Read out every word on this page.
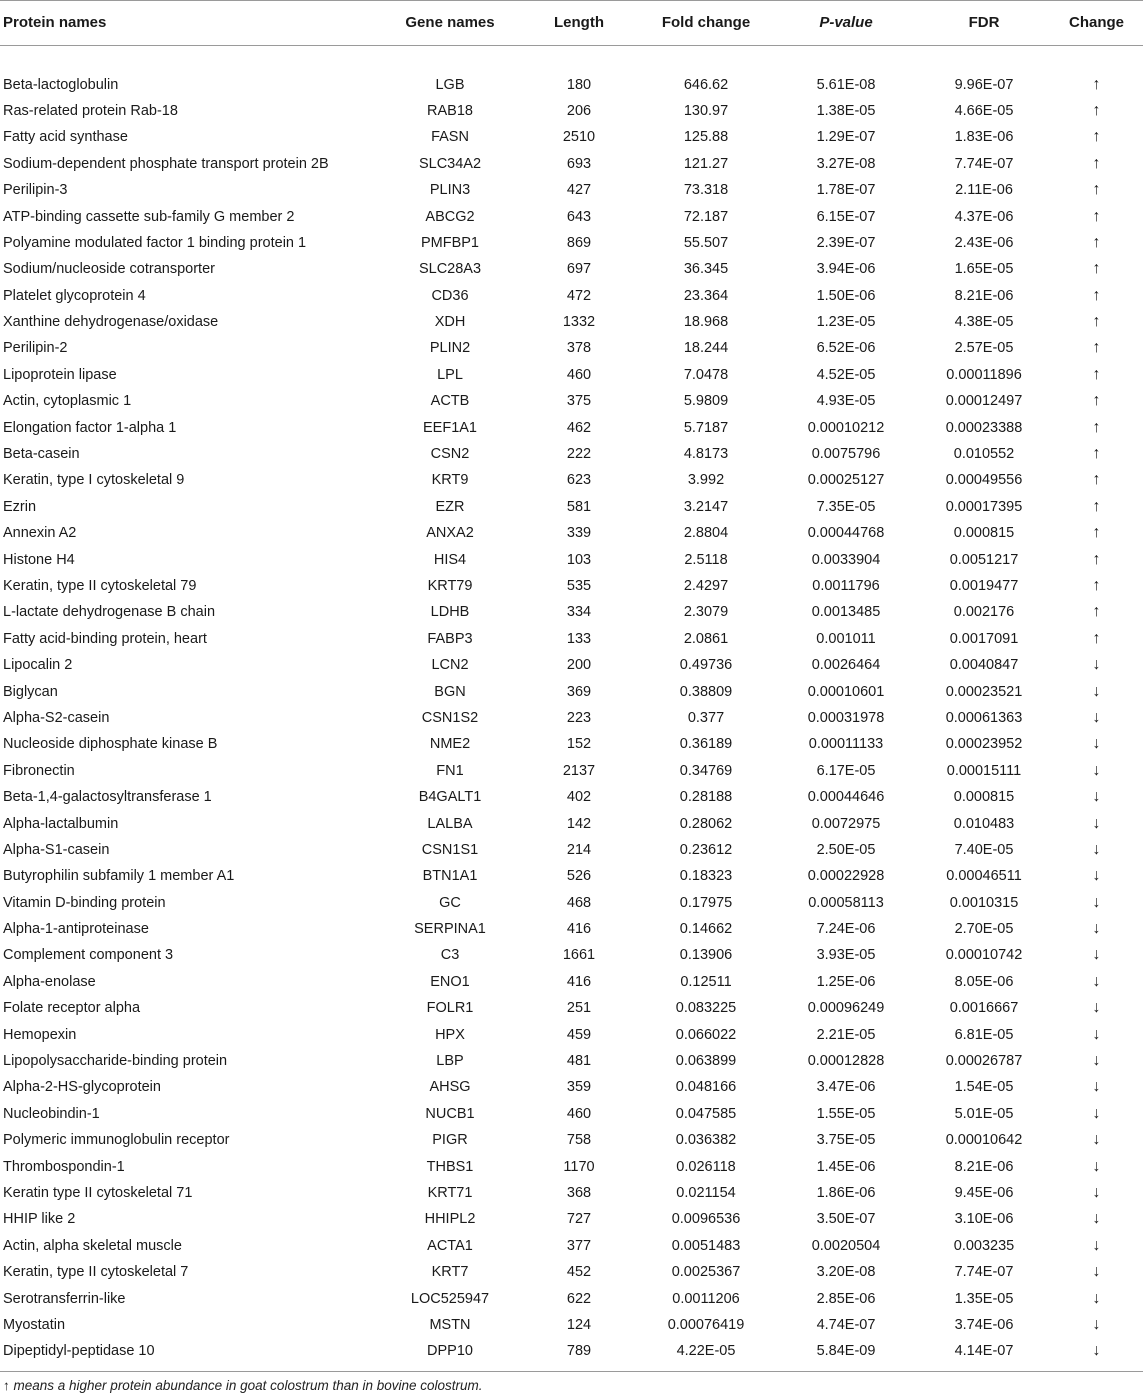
Protein names	Gene names	Length	Fold change	P-value	FDR	Change

Beta-lactoglobulin	LGB	180	646.62	5.61E-08	9.96E-07	↑
Ras-related protein Rab-18	RAB18	206	130.97	1.38E-05	4.66E-05	↑
Fatty acid synthase	FASN	2510	125.88	1.29E-07	1.83E-06	↑
Sodium-dependent phosphate transport protein 2B	SLC34A2	693	121.27	3.27E-08	7.74E-07	↑
Perilipin-3	PLIN3	427	73.318	1.78E-07	2.11E-06	↑
ATP-binding cassette sub-family G member 2	ABCG2	643	72.187	6.15E-07	4.37E-06	↑
Polyamine modulated factor 1 binding protein 1	PMFBP1	869	55.507	2.39E-07	2.43E-06	↑
Sodium/nucleoside cotransporter	SLC28A3	697	36.345	3.94E-06	1.65E-05	↑
Platelet glycoprotein 4	CD36	472	23.364	1.50E-06	8.21E-06	↑
Xanthine dehydrogenase/oxidase	XDH	1332	18.968	1.23E-05	4.38E-05	↑
Perilipin-2	PLIN2	378	18.244	6.52E-06	2.57E-05	↑
Lipoprotein lipase	LPL	460	7.0478	4.52E-05	0.00011896	↑
Actin, cytoplasmic 1	ACTB	375	5.9809	4.93E-05	0.00012497	↑
Elongation factor 1-alpha 1	EEF1A1	462	5.7187	0.00010212	0.00023388	↑
Beta-casein	CSN2	222	4.8173	0.0075796	0.010552	↑
Keratin, type I cytoskeletal 9	KRT9	623	3.992	0.00025127	0.00049556	↑
Ezrin	EZR	581	3.2147	7.35E-05	0.00017395	↑
Annexin A2	ANXA2	339	2.8804	0.00044768	0.000815	↑
Histone H4	HIS4	103	2.5118	0.0033904	0.0051217	↑
Keratin, type II cytoskeletal 79	KRT79	535	2.4297	0.0011796	0.0019477	↑
L-lactate dehydrogenase B chain	LDHB	334	2.3079	0.0013485	0.002176	↑
Fatty acid-binding protein, heart	FABP3	133	2.0861	0.001011	0.0017091	↑
Lipocalin 2	LCN2	200	0.49736	0.0026464	0.0040847	↓
Biglycan	BGN	369	0.38809	0.00010601	0.00023521	↓
Alpha-S2-casein	CSN1S2	223	0.377	0.00031978	0.00061363	↓
Nucleoside diphosphate kinase B	NME2	152	0.36189	0.00011133	0.00023952	↓
Fibronectin	FN1	2137	0.34769	6.17E-05	0.00015111	↓
Beta-1,4-galactosyltransferase 1	B4GALT1	402	0.28188	0.00044646	0.000815	↓
Alpha-lactalbumin	LALBA	142	0.28062	0.0072975	0.010483	↓
Alpha-S1-casein	CSN1S1	214	0.23612	2.50E-05	7.40E-05	↓
Butyrophilin subfamily 1 member A1	BTN1A1	526	0.18323	0.00022928	0.00046511	↓
Vitamin D-binding protein	GC	468	0.17975	0.00058113	0.0010315	↓
Alpha-1-antiproteinase	SERPINA1	416	0.14662	7.24E-06	2.70E-05	↓
Complement component 3	C3	1661	0.13906	3.93E-05	0.00010742	↓
Alpha-enolase	ENO1	416	0.12511	1.25E-06	8.05E-06	↓
Folate receptor alpha	FOLR1	251	0.083225	0.00096249	0.0016667	↓
Hemopexin	HPX	459	0.066022	2.21E-05	6.81E-05	↓
Lipopolysaccharide-binding protein	LBP	481	0.063899	0.00012828	0.00026787	↓
Alpha-2-HS-glycoprotein	AHSG	359	0.048166	3.47E-06	1.54E-05	↓
Nucleobindin-1	NUCB1	460	0.047585	1.55E-05	5.01E-05	↓
Polymeric immunoglobulin receptor	PIGR	758	0.036382	3.75E-05	0.00010642	↓
Thrombospondin-1	THBS1	1170	0.026118	1.45E-06	8.21E-06	↓
Keratin type II cytoskeletal 71	KRT71	368	0.021154	1.86E-06	9.45E-06	↓
HHIP like 2	HHIPL2	727	0.0096536	3.50E-07	3.10E-06	↓
Actin, alpha skeletal muscle	ACTA1	377	0.0051483	0.0020504	0.003235	↓
Keratin, type II cytoskeletal 7	KRT7	452	0.0025367	3.20E-08	7.74E-07	↓
Serotransferrin-like	LOC525947	622	0.0011206	2.85E-06	1.35E-05	↓
Myostatin	MSTN	124	0.00076419	4.74E-07	3.74E-06	↓
Dipeptidyl-peptidase 10	DPP10	789	4.22E-05	5.84E-09	4.14E-07	↓
↑ means a higher protein abundance in goat colostrum than in bovine colostrum.
